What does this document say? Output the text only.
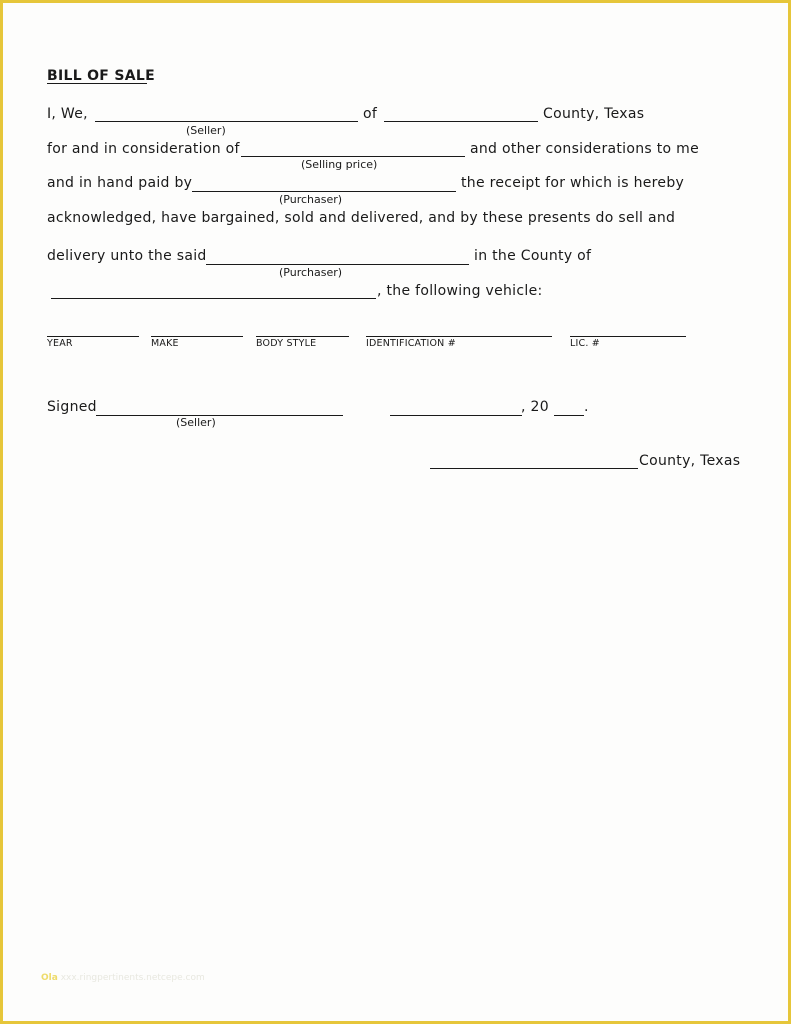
BILL OF SALE
I, We,	of	County, Texas
(Seller)
for and in consideration of	and other considerations to me
(Selling price)
and in hand paid by	the receipt for which is hereby
(Purchaser)
acknowledged, have bargained, sold and delivered, and by these presents do sell and
delivery unto the said	in the County of
(Purchaser)
, the following vehicle:
YEAR	MAKE	BODY STYLE	IDENTIFICATION #	LIC. #
Signed
(Seller)
, 20	.
County, Texas
Ola xxx.ringpertinents.netcepe.com
